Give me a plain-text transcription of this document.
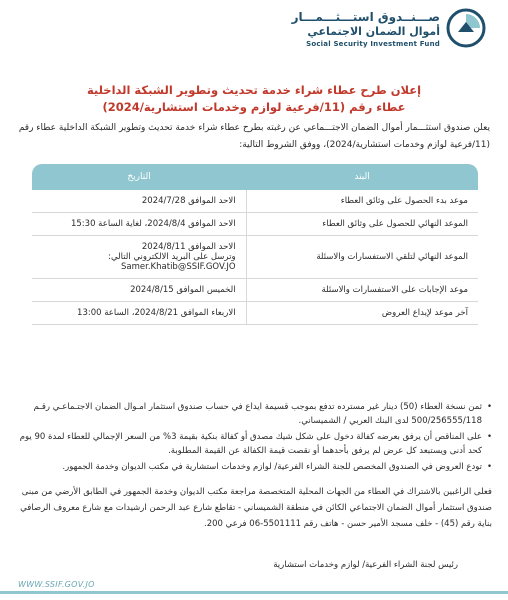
صـــنــدوق استـــثـــمـــار
أموال الضمان الاجتماعي
Social Security Investment Fund
إعلان طرح عطاء شراء خدمة تحديث وتطوير الشبكة الداخلية
عطاء رقم (11/فرعية لوازم وخدمات استشارية/2024)
يعلن صندوق استثـــمار أموال الضمان الاجتـــماعي عن رغبته بطرح عطاء شراء خدمة تحديث وتطوير الشبكة الداخلية عطاء رقم (11/فرعية لوازم وخدمات استشارية/2024)، ووفق الشروط التالية:
البند	التاريخ
موعد بدء الحصول على وثائق العطاء	الاحد الموافق 2024/7/28
الموعد النهائي للحصول على وثائق العطاء	الاحد الموافق 2024/8/4، لغاية الساعة 15:30
الموعد النهائي لتلقي الاستفسارات والاسئلة	الاحد الموافق 2024/8/11
وترسل على البريد الالكتروني التالي:
Samer.Khatib@SSIF.GOV.JO

موعد الإجابات على الاستفسارات والاسئلة	الخميس الموافق 2024/8/15
آخر موعد لإيداع العروض	الاربعاء الموافق 2024/8/21، الساعة 13:00
• ثمن نسخة العطاء (50) دينار غير مسترده تدفع بموجب قسيمة ايداع في حساب صندوق استثمار امـوال الضمان الاجتـماعـي رقـم 500/256555/118 لدى البنك العربي / الشميساني.
• على المناقص أن يرفق بعرضه كفالة دخول على شكل شيك مصدق أو كفالة بنكية بقيمة 3% من السعر الإجمالي للعطاء لمدة 90 يوم كحد أدنى ويستبعد كل عرض لم يرفق بأحدهما أو نقصت قيمة الكفالة عن القيمة المطلوبة.
• تودع العروض في الصندوق المخصص للجنة الشراء الفرعية/ لوازم وخدمات استشارية في مكتب الديوان وخدمة الجمهور.
فعلى الراغبين بالاشتراك في العطاء من الجهات المحلية المتخصصة مراجعة مكتب الديوان وخدمة الجمهور في الطابق الأرضي من مبنى صندوق استثمار أموال الضمان الاجتماعي الكائن في منطقة الشميساني - تقاطع شارع عبد الرحمن ارشيدات مع شارع معروف الرصافي بناية رقم (45) - خلف مسجد الأمير حسن - هاتف رقم 5501111-06 فرعي 200.
رئيس لجنة الشراء الفرعية/ لوازم وخدمات استشارية
WWW.SSIF.GOV.JO
